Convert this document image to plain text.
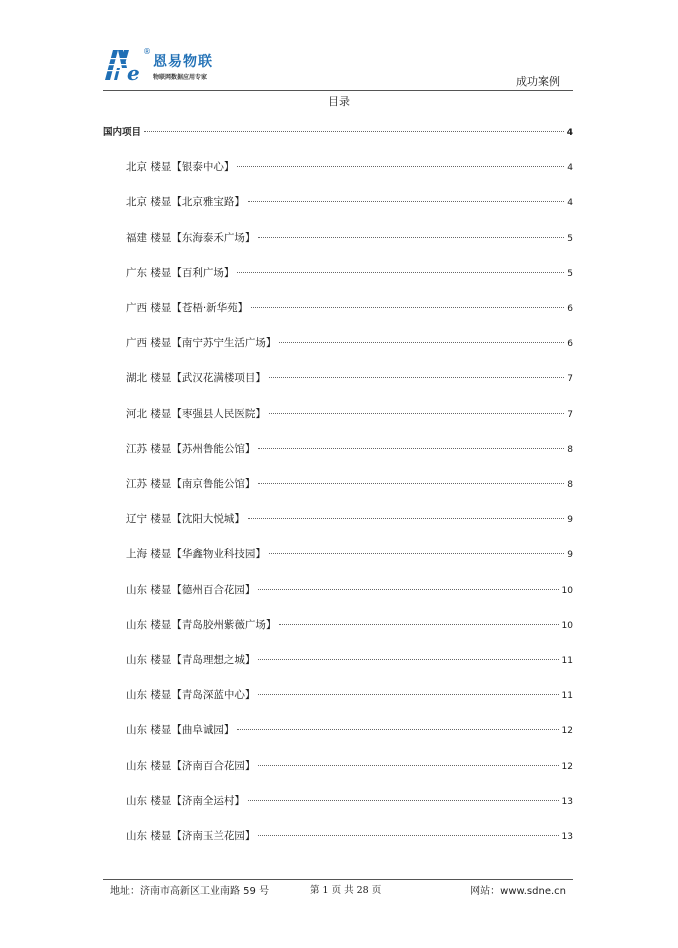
e
®
恩易物联
物联网数据应用专家	成功案例
目录
国内项目	4
北京 楼显【银泰中心】	4
北京 楼显【北京雅宝路】	4
福建 楼显【东海泰禾广场】	5
广东 楼显【百利广场】	5
广西 楼显【苍梧·新华苑】	6
广西 楼显【南宁苏宁生活广场】	6
湖北 楼显【武汉花满楼项目】	7
河北 楼显【枣强县人民医院】	7
江苏 楼显【苏州鲁能公馆】	8
江苏 楼显【南京鲁能公馆】	8
辽宁 楼显【沈阳大悦城】	9
上海 楼显【华鑫物业科技园】	9
山东 楼显【德州百合花园】	10
山东 楼显【青岛胶州紫薇广场】	10
山东 楼显【青岛理想之城】	11
山东 楼显【青岛深蓝中心】	11
山东 楼显【曲阜诚园】	12
山东 楼显【济南百合花园】	12
山东 楼显【济南全运村】	13
山东 楼显【济南玉兰花园】	13
地址：济南市高新区工业南路 59 号	第 1 页 共 28 页	网站：www.sdne.cn
